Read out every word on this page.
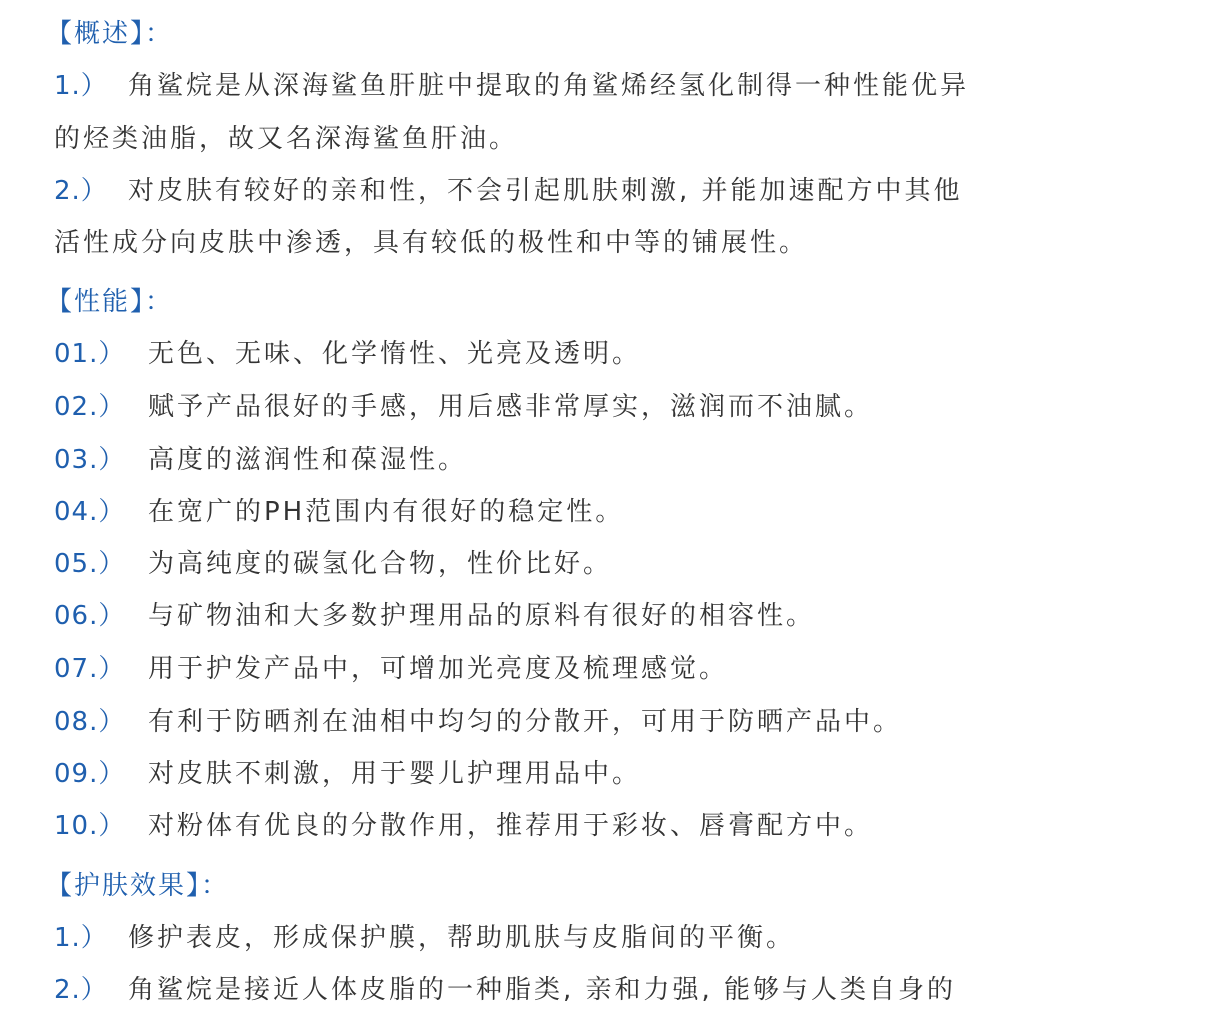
【概述】：
1.） 角鲨烷是从深海鲨鱼肝脏中提取的角鲨烯经氢化制得一种性能优异
的烃类油脂，故又名深海鲨鱼肝油。
2.） 对皮肤有较好的亲和性，不会引起肌肤刺激, 并能加速配方中其他
活性成分向皮肤中渗透，具有较低的极性和中等的铺展性。
【性能】：
01.） 无色、无味、化学惰性、光亮及透明。
02.） 赋予产品很好的手感，用后感非常厚实，滋润而不油腻。
03.） 高度的滋润性和葆湿性。
04.） 在宽广的PH范围内有很好的稳定性。
05.） 为高纯度的碳氢化合物，性价比好。
06.） 与矿物油和大多数护理用品的原料有很好的相容性。
07.） 用于护发产品中，可增加光亮度及梳理感觉。
08.） 有利于防晒剂在油相中均匀的分散开，可用于防晒产品中。
09.） 对皮肤不刺激，用于婴儿护理用品中。
10.） 对粉体有优良的分散作用，推荐用于彩妆、唇膏配方中。
【护肤效果】：
1.） 修护表皮，形成保护膜，帮助肌肤与皮脂间的平衡。
2.） 角鲨烷是接近人体皮脂的一种脂类, 亲和力强, 能够与人类自身的
